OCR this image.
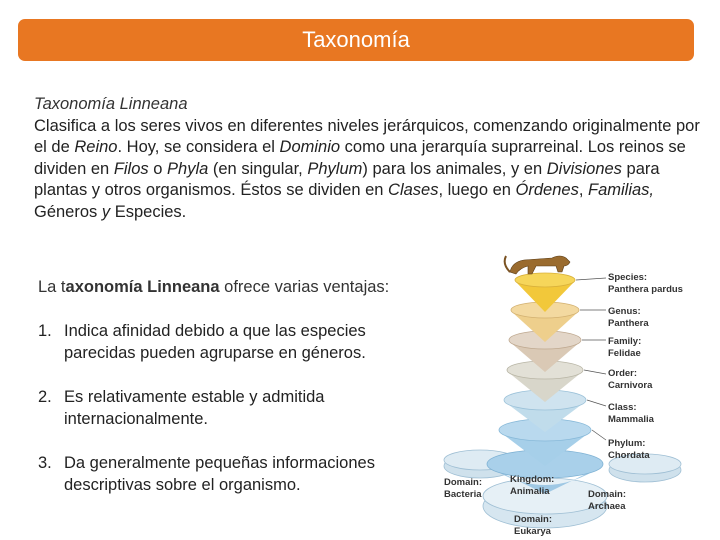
Taxonomía
Taxonomía Linneana
Clasifica a los seres vivos en diferentes niveles jerárquicos, comenzando originalmente por el de Reino. Hoy, se considera el Dominio como una jerarquía suprarreinal. Los reinos se dividen en Filos o Phyla (en singular, Phylum) para los animales, y en Divisiones para plantas y otros organismos. Éstos se dividen en Clases, luego en Órdenes, Familias, Géneros y Especies.
La taxonomía Linneana ofrece varias ventajas:
1. Indica afinidad debido a que las especies parecidas pueden agruparse en géneros.
2. Es relativamente estable y admitida internacionalmente.
3. Da generalmente pequeñas informaciones descriptivas sobre el organismo.
Species:
Panthera pardus
Genus:
Panthera
Family:
Felidae
Order:
Carnivora
Class:
Mammalia
Phylum:
Chordata
Kingdom:
Animalia
Domain:
Bacteria	Domain:
Archaea
Domain:
Eukarya
